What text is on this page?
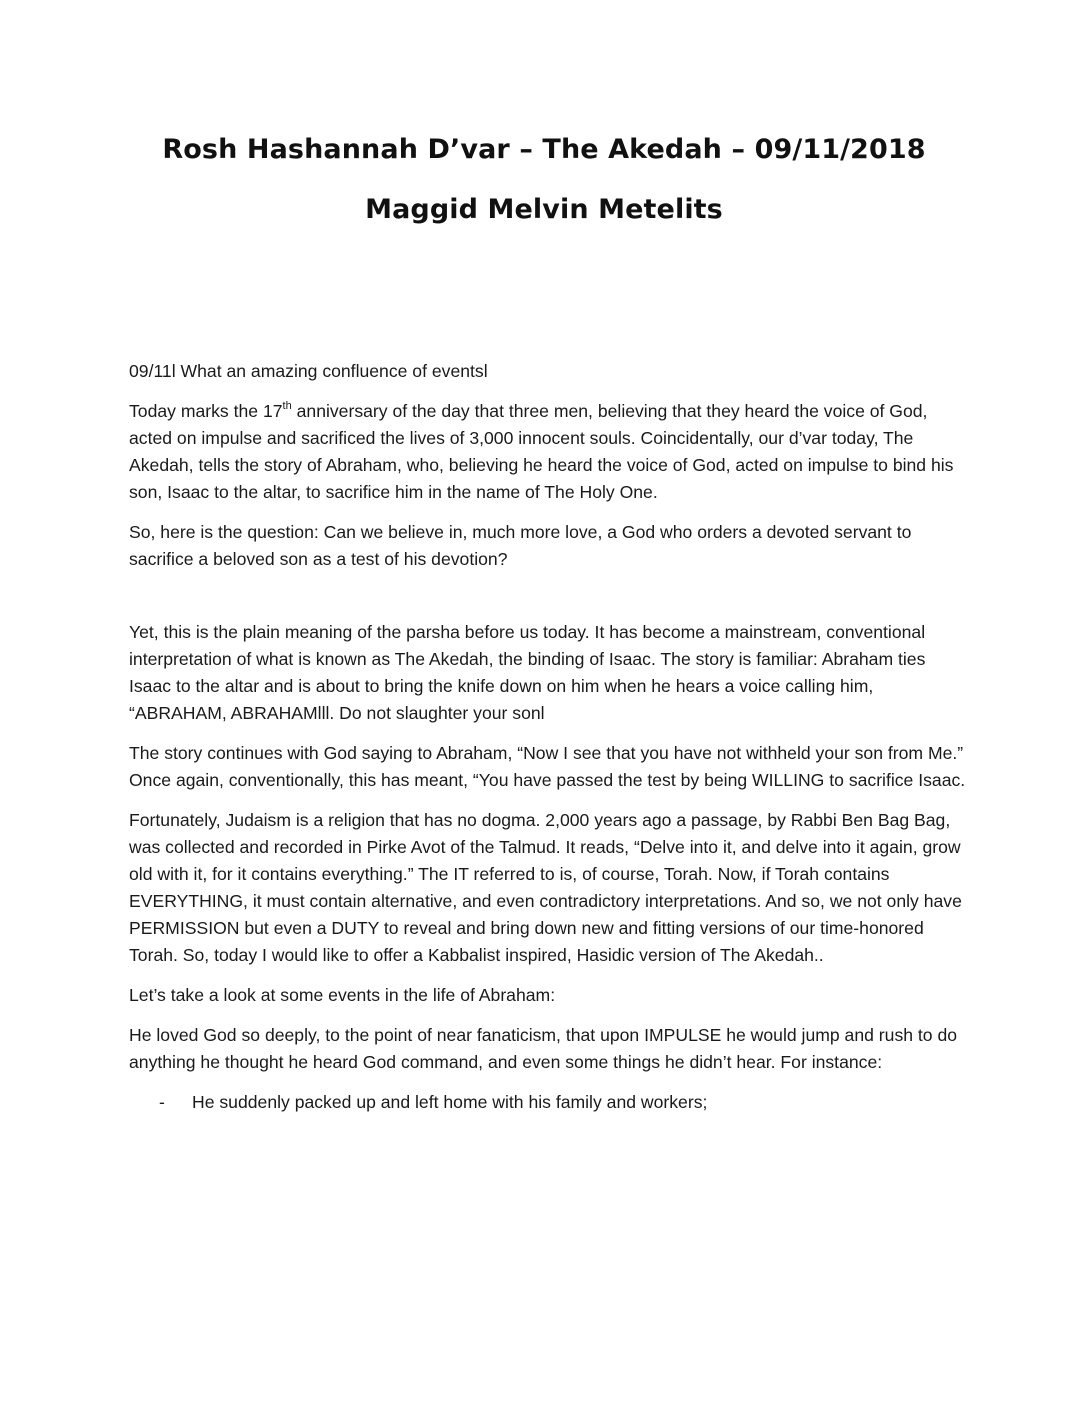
Rosh Hashannah D’var – The Akedah – 09/11/2018
Maggid Melvin Metelits

09/11l What an amazing confluence of eventsl

Today marks the 17th anniversary of the day that three men, believing that they heard the voice of God, acted on impulse and sacrificed the lives of 3,000 innocent souls. Coincidentally, our d’var today, The Akedah, tells the story of Abraham, who, believing he heard the voice of God, acted on impulse to bind his son, Isaac to the altar, to sacrifice him in the name of The Holy One.

So, here is the question: Can we believe in, much more love, a God who orders a devoted servant to sacrifice a beloved son as a test of his devotion?

Yet, this is the plain meaning of the parsha before us today. It has become a mainstream, conventional interpretation of what is known as The Akedah, the binding of Isaac. The story is familiar: Abraham ties Isaac to the altar and is about to bring the knife down on him when he hears a voice calling him, “ABRAHAM, ABRAHAMlll. Do not slaughter your sonl

The story continues with God saying to Abraham, “Now I see that you have not withheld your son from Me.” Once again, conventionally, this has meant, “You have passed the test by being WILLING to sacrifice Isaac.

Fortunately, Judaism is a religion that has no dogma. 2,000 years ago a passage, by Rabbi Ben Bag Bag, was collected and recorded in Pirke Avot of the Talmud. It reads, “Delve into it, and delve into it again, grow old with it, for it contains everything.” The IT referred to is, of course, Torah. Now, if Torah contains EVERYTHING, it must contain alternative, and even contradictory interpretations. And so, we not only have PERMISSION but even a DUTY to reveal and bring down new and fitting versions of our time-honored Torah. So, today I would like to offer a Kabbalist inspired, Hasidic version of The Akedah..

Let’s take a look at some events in the life of Abraham:

He loved God so deeply, to the point of near fanaticism, that upon IMPULSE he would jump and rush to do anything he thought he heard God command, and even some things he didn’t hear. For instance:

-	He suddenly packed up and left home with his family and workers;
